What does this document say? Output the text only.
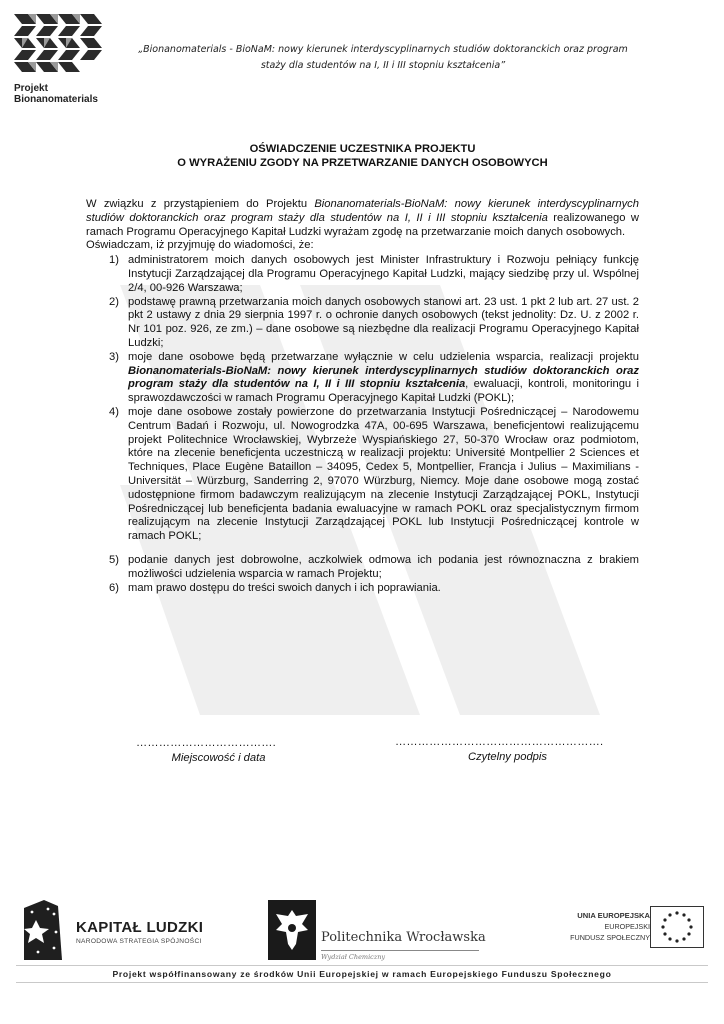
Projekt
Bionanomaterials
„Bionanomaterials - BioNaM: nowy kierunek interdyscyplinarnych studiów doktoranckich oraz program
staży dla studentów na I, II i III stopniu kształcenia”
OŚWIADCZENIE UCZESTNIKA PROJEKTU
O WYRAŻENIU ZGODY NA PRZETWARZANIE DANYCH OSOBOWYCH

W związku z przystąpieniem do Projektu Bionanomaterials-BioNaM: nowy kierunek interdyscyplinarnych studiów doktoranckich oraz program staży dla studentów na I, II i III stopniu kształcenia realizowanego w ramach Programu Operacyjnego Kapitał Ludzki wyrażam zgodę na przetwarzanie moich danych osobowych.

Oświadczam, iż przyjmuję do wiadomości, że:

1) administratorem moich danych osobowych jest Minister Infrastruktury i Rozwoju pełniący funkcję Instytucji Zarządzającej dla Programu Operacyjnego Kapitał Ludzki, mający siedzibę przy ul. Wspólnej 2/4, 00-926 Warszawa;
2) podstawę prawną przetwarzania moich danych osobowych stanowi art. 23 ust. 1 pkt 2 lub art. 27 ust. 2 pkt 2 ustawy z dnia 29 sierpnia 1997 r. o ochronie danych osobowych (tekst jednolity: Dz. U. z 2002 r. Nr 101 poz. 926, ze zm.) – dane osobowe są niezbędne dla realizacji Programu Operacyjnego Kapitał Ludzki;
3) moje dane osobowe będą przetwarzane wyłącznie w celu udzielenia wsparcia, realizacji projektu Bionanomaterials-BioNaM: nowy kierunek interdyscyplinarnych studiów doktoranckich oraz program staży dla studentów na I, II i III stopniu kształcenia, ewaluacji, kontroli, monitoringu i sprawozdawczości w ramach Programu Operacyjnego Kapitał Ludzki (POKL);
4) moje dane osobowe zostały powierzone do przetwarzania Instytucji Pośredniczącej – Narodowemu Centrum Badań i Rozwoju, ul. Nowogrodzka 47A, 00-695 Warszawa, beneficjentowi realizującemu projekt Politechnice Wrocławskiej, Wybrzeże Wyspiańskiego 27, 50-370 Wrocław oraz podmiotom, które na zlecenie beneficjenta uczestniczą w realizacji projektu: Université Montpellier 2 Sciences et Techniques, Place Eugène Bataillon – 34095, Cedex 5, Montpellier, Francja i Julius – Maximilians - Universität – Würzburg, Sanderring 2, 97070 Würzburg, Niemcy. Moje dane osobowe mogą zostać udostępnione firmom badawczym realizującym na zlecenie Instytucji Zarządzającej POKL, Instytucji Pośredniczącej lub beneficjenta badania ewaluacyjne w ramach POKL oraz specjalistycznym firmom realizującym na zlecenie Instytucji Zarządzającej POKL lub Instytucji Pośredniczącej kontrole w ramach POKL;
5) podanie danych jest dobrowolne, aczkolwiek odmowa ich podania jest równoznaczna z brakiem możliwości udzielenia wsparcia w ramach Projektu;
6) mam prawo dostępu do treści swoich danych i ich poprawiania.
……………………………….
Miejscowość i data
……………………………………………….
Czytelny podpis
KAPITAŁ LUDZKI
NARODOWA STRATEGIA SPÓJNOŚCI	Politechnika Wrocławska
Wydział Chemiczny
UNIA EUROPEJSKA
EUROPEJSKI
FUNDUSZ SPOŁECZNY
Projekt współfinansowany ze środków Unii Europejskiej w ramach Europejskiego Funduszu Społecznego
